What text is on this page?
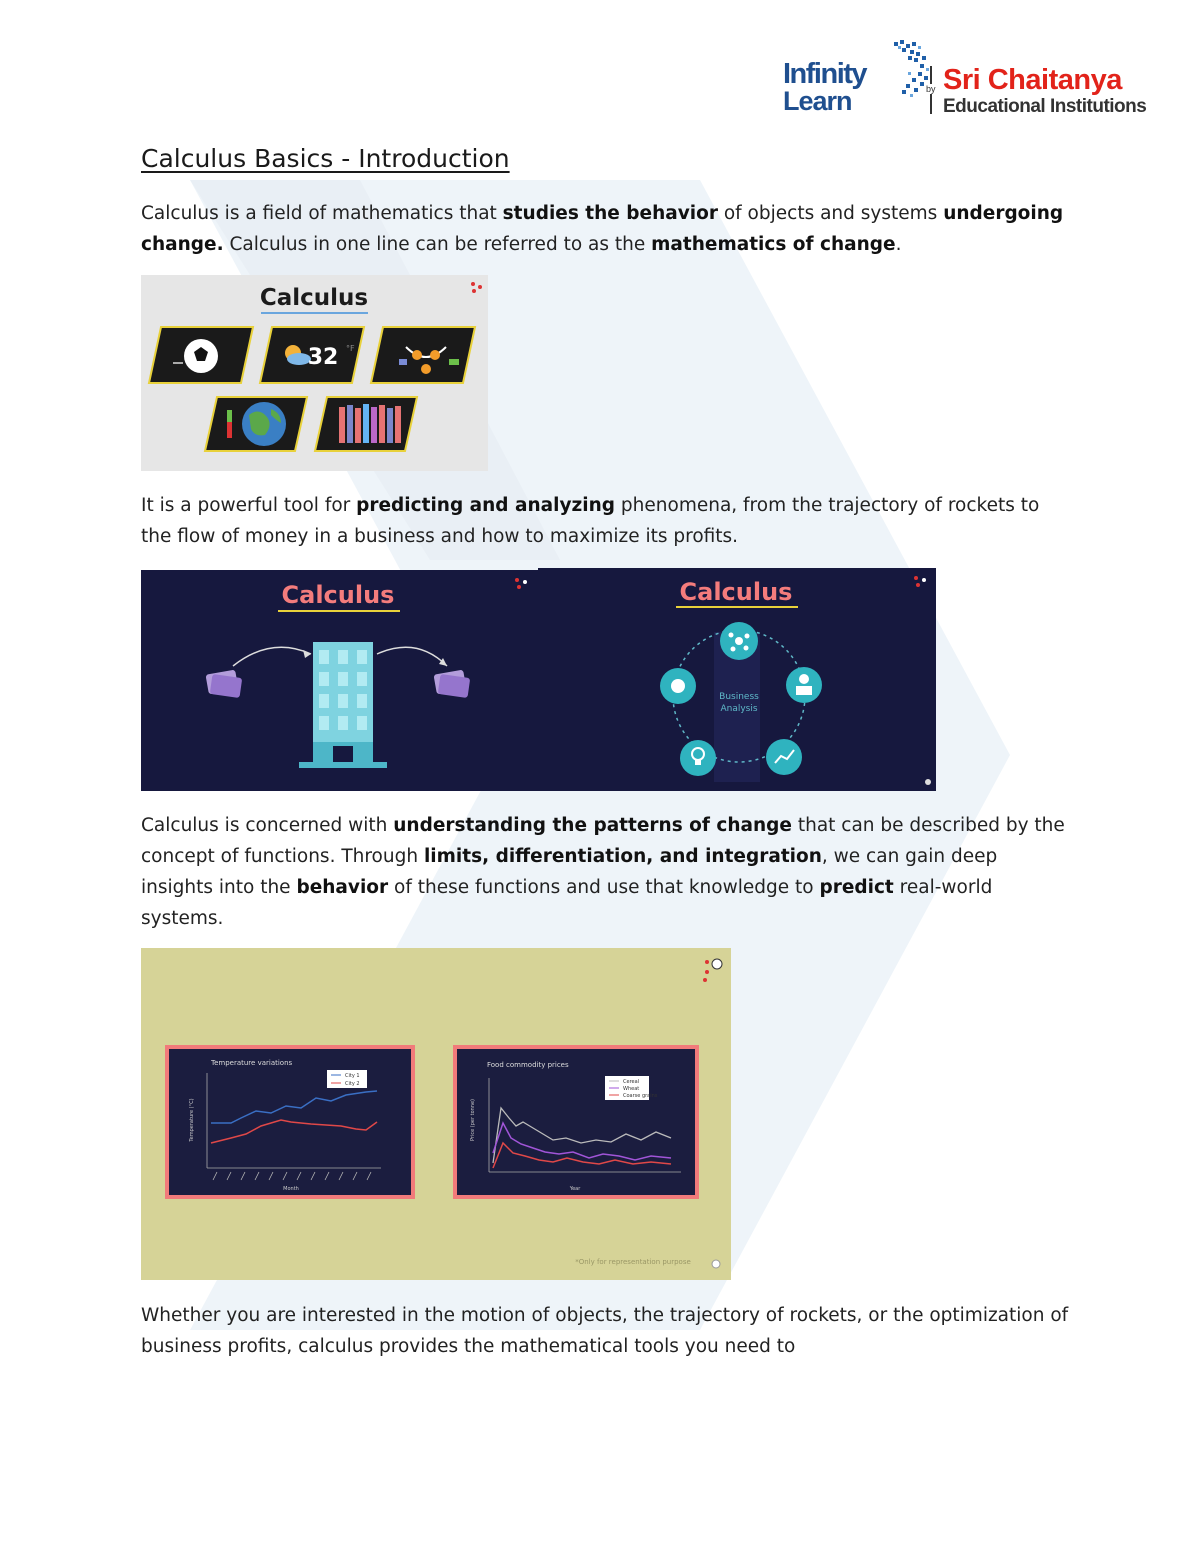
Infinity
Learn	by Sri Chaitanya
Educational Institutions
Calculus Basics - Introduction

Calculus is a field of mathematics that studies the behavior of objects and systems undergoing change. Calculus in one line can be referred to as the mathematics of change.

Calculus
32 °F

It is a powerful tool for predicting and analyzing phenomena, from the trajectory of rockets to the flow of money in a business and how to maximize its profits.

Calculus	Calculus
Business
Analysis

Calculus is concerned with understanding the patterns of change that can be described by the concept of functions. Through limits, differentiation, and integration, we can gain deep insights into the behavior of these functions and use that knowledge to predict real-world systems.

Temperature variations
Temperature (°C)
Month
City 1
City 2
Food commodity prices
Price (per tonne)
Year
Cereal
Wheat
Coarse grains
*Only for representation purpose

Whether you are interested in the motion of objects, the trajectory of rockets, or the optimization of business profits, calculus provides the mathematical tools you need to
